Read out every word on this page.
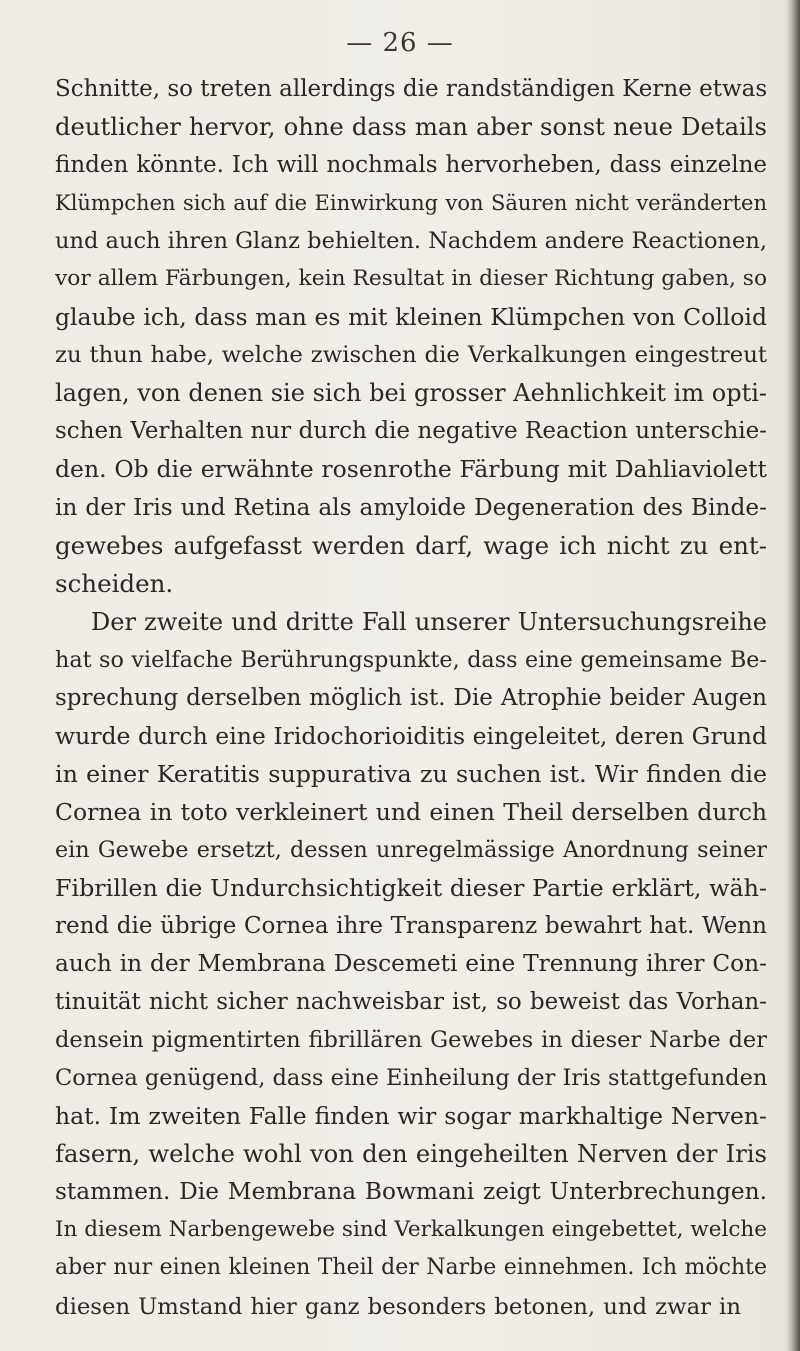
— 26 —
Schnitte, so treten allerdings die randständigen Kerne etwas
deutlicher hervor, ohne dass man aber sonst neue Details
finden könnte. Ich will nochmals hervorheben, dass einzelne
Klümpchen sich auf die Einwirkung von Säuren nicht veränderten
und auch ihren Glanz behielten. Nachdem andere Reactionen,
vor allem Färbungen, kein Resultat in dieser Richtung gaben, so
glaube ich, dass man es mit kleinen Klümpchen von Colloid
zu thun habe, welche zwischen die Verkalkungen eingestreut
lagen, von denen sie sich bei grosser Aehnlichkeit im opti-
schen Verhalten nur durch die negative Reaction unterschie-
den. Ob die erwähnte rosenrothe Färbung mit Dahliaviolett
in der Iris und Retina als amyloide Degeneration des Binde-
gewebes aufgefasst werden darf, wage ich nicht zu ent-
scheiden.
Der zweite und dritte Fall unserer Untersuchungsreihe
hat so vielfache Berührungspunkte, dass eine gemeinsame Be-
sprechung derselben möglich ist. Die Atrophie beider Augen
wurde durch eine Iridochorioiditis eingeleitet, deren Grund
in einer Keratitis suppurativa zu suchen ist. Wir finden die
Cornea in toto verkleinert und einen Theil derselben durch
ein Gewebe ersetzt, dessen unregelmässige Anordnung seiner
Fibrillen die Undurchsichtigkeit dieser Partie erklärt, wäh-
rend die übrige Cornea ihre Transparenz bewahrt hat. Wenn
auch in der Membrana Descemeti eine Trennung ihrer Con-
tinuität nicht sicher nachweisbar ist, so beweist das Vorhan-
densein pigmentirten fibrillären Gewebes in dieser Narbe der
Cornea genügend, dass eine Einheilung der Iris stattgefunden
hat. Im zweiten Falle finden wir sogar markhaltige Nerven-
fasern, welche wohl von den eingeheilten Nerven der Iris
stammen. Die Membrana Bowmani zeigt Unterbrechungen.
In diesem Narbengewebe sind Verkalkungen eingebettet, welche
aber nur einen kleinen Theil der Narbe einnehmen. Ich möchte
diesen Umstand hier ganz besonders betonen, und zwar in
